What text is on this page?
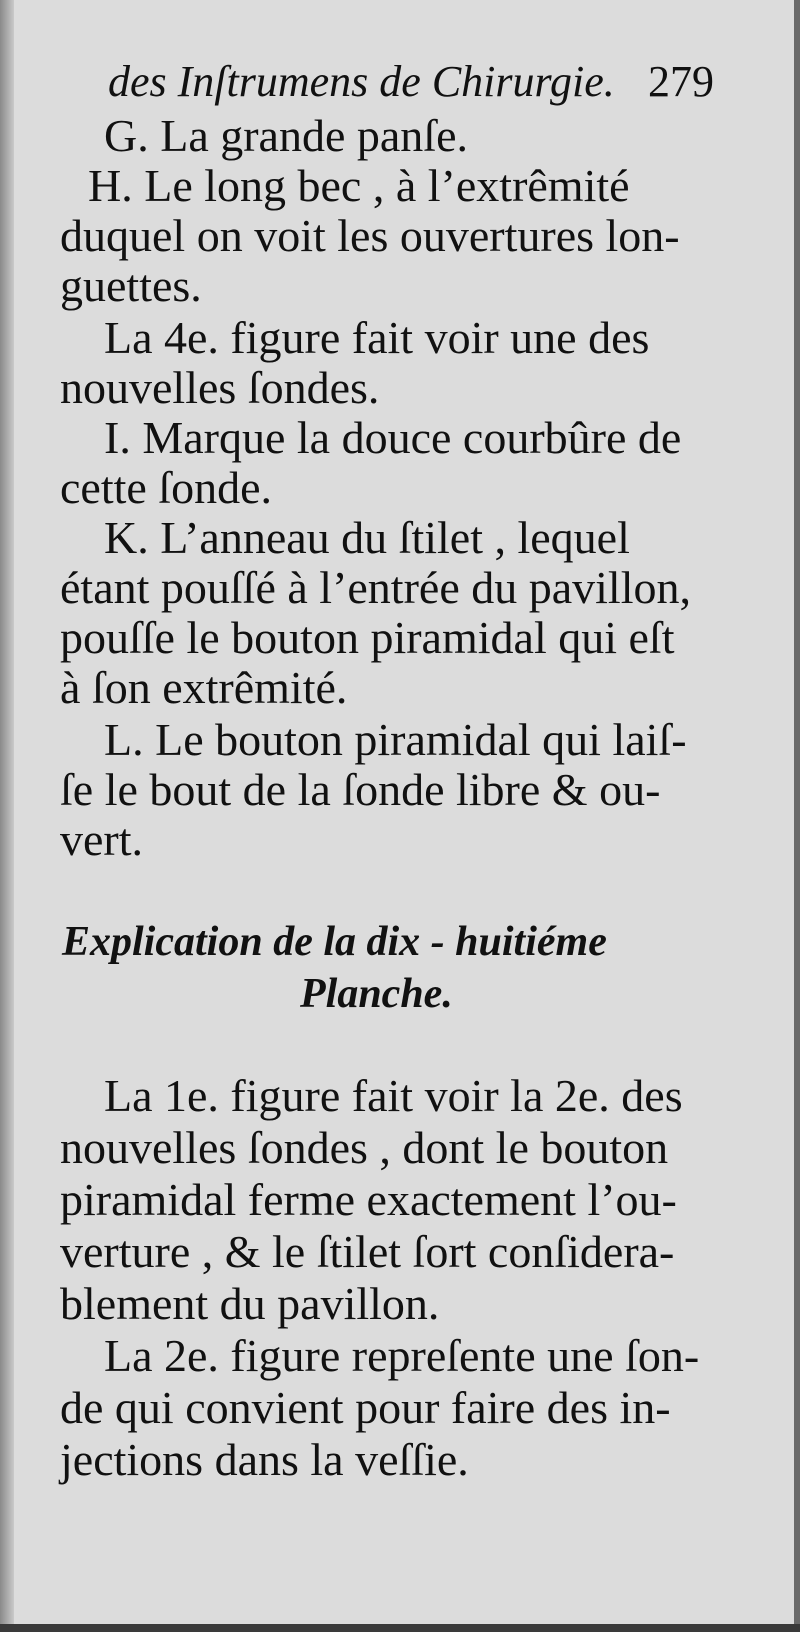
des Inſtrumens de Chirurgie. 279
G. La grande panſe.
H. Le long bec , à l’extrêmité
duquel on voit les ouvertures lon-
guettes.
La 4e. figure fait voir une des
nouvelles ſondes.
I. Marque la douce courbûre de
cette ſonde.
K. L’anneau du ſtilet , lequel
étant pouſſé à l’entrée du pavillon,
pouſſe le bouton piramidal qui eſt
à ſon extrêmité.
L. Le bouton piramidal qui laiſ-
ſe le bout de la ſonde libre & ou-
vert.
Explication de la dix - huitiéme
Planche.
La 1e. figure fait voir la 2e. des
nouvelles ſondes , dont le bouton
piramidal ferme exactement l’ou-
verture , & le ſtilet ſort conſidera-
blement du pavillon.
La 2e. figure repreſente une ſon-
de qui convient pour faire des in-
jections dans la veſſie.
